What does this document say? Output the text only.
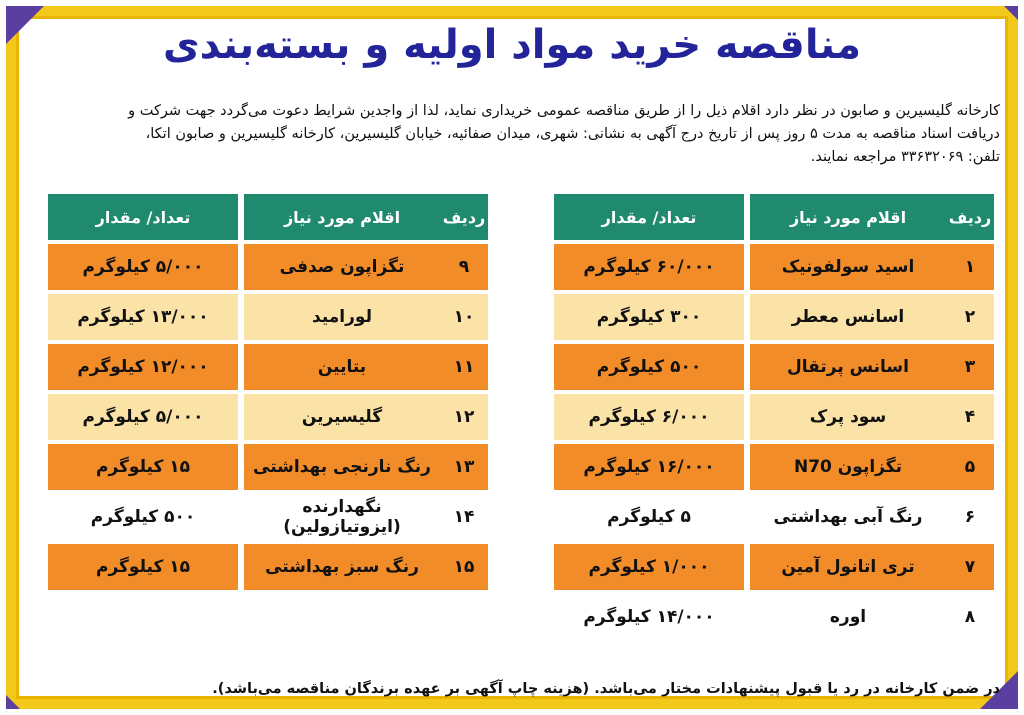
مناقصه خرید مواد اولیه و بسته‌بندی
کارخانه گلیسیرین و صابون در نظر دارد اقلام ذیل را از طریق مناقصه عمومی خریداری نماید، لذا از واجدین شرایط دعوت می‌گردد جهت شرکت و
دریافت اسناد مناقصه به مدت ۵ روز پس از تاریخ درج آگهی به نشانی: شهری، میدان صفائیه، خیابان گلیسیرین، کارخانه گلیسیرین و صابون اتکا،
تلفن: ۳۳۶۳۲۰۶۹ مراجعه نمایند.
ردیف	اقلام مورد نیاز	تعداد/ مقدار
۱	اسید سولفونیک	۶۰/۰۰۰ کیلوگرم
۲	اسانس معطر	۳۰۰ کیلوگرم
۳	اسانس پرتقال	۵۰۰ کیلوگرم
۴	سود پرک	۶/۰۰۰ کیلوگرم
۵	تگزاپون N70	۱۶/۰۰۰ کیلوگرم
۶	رنگ آبی بهداشتی	۵ کیلوگرم
۷	تری اتانول آمین	۱/۰۰۰ کیلوگرم
۸	اوره	۱۴/۰۰۰ کیلوگرم
ردیف	اقلام مورد نیاز	تعداد/ مقدار
۹	تگزاپون صدفی	۵/۰۰۰ کیلوگرم
۱۰	لورامید	۱۳/۰۰۰ کیلوگرم
۱۱	بتایین	۱۲/۰۰۰ کیلوگرم
۱۲	گلیسیرین	۵/۰۰۰ کیلوگرم
۱۳	رنگ نارنجی بهداشتی	۱۵ کیلوگرم
۱۴	نگهدارنده (ایزوتیازولین)	۵۰۰ کیلوگرم
۱۵	رنگ سبز بهداشتی	۱۵ کیلوگرم
در ضمن کارخانه در رد یا قبول پیشنهادات مختار می‌باشد. (هزینه چاپ آگهی بر عهده برندگان مناقصه می‌باشد).
